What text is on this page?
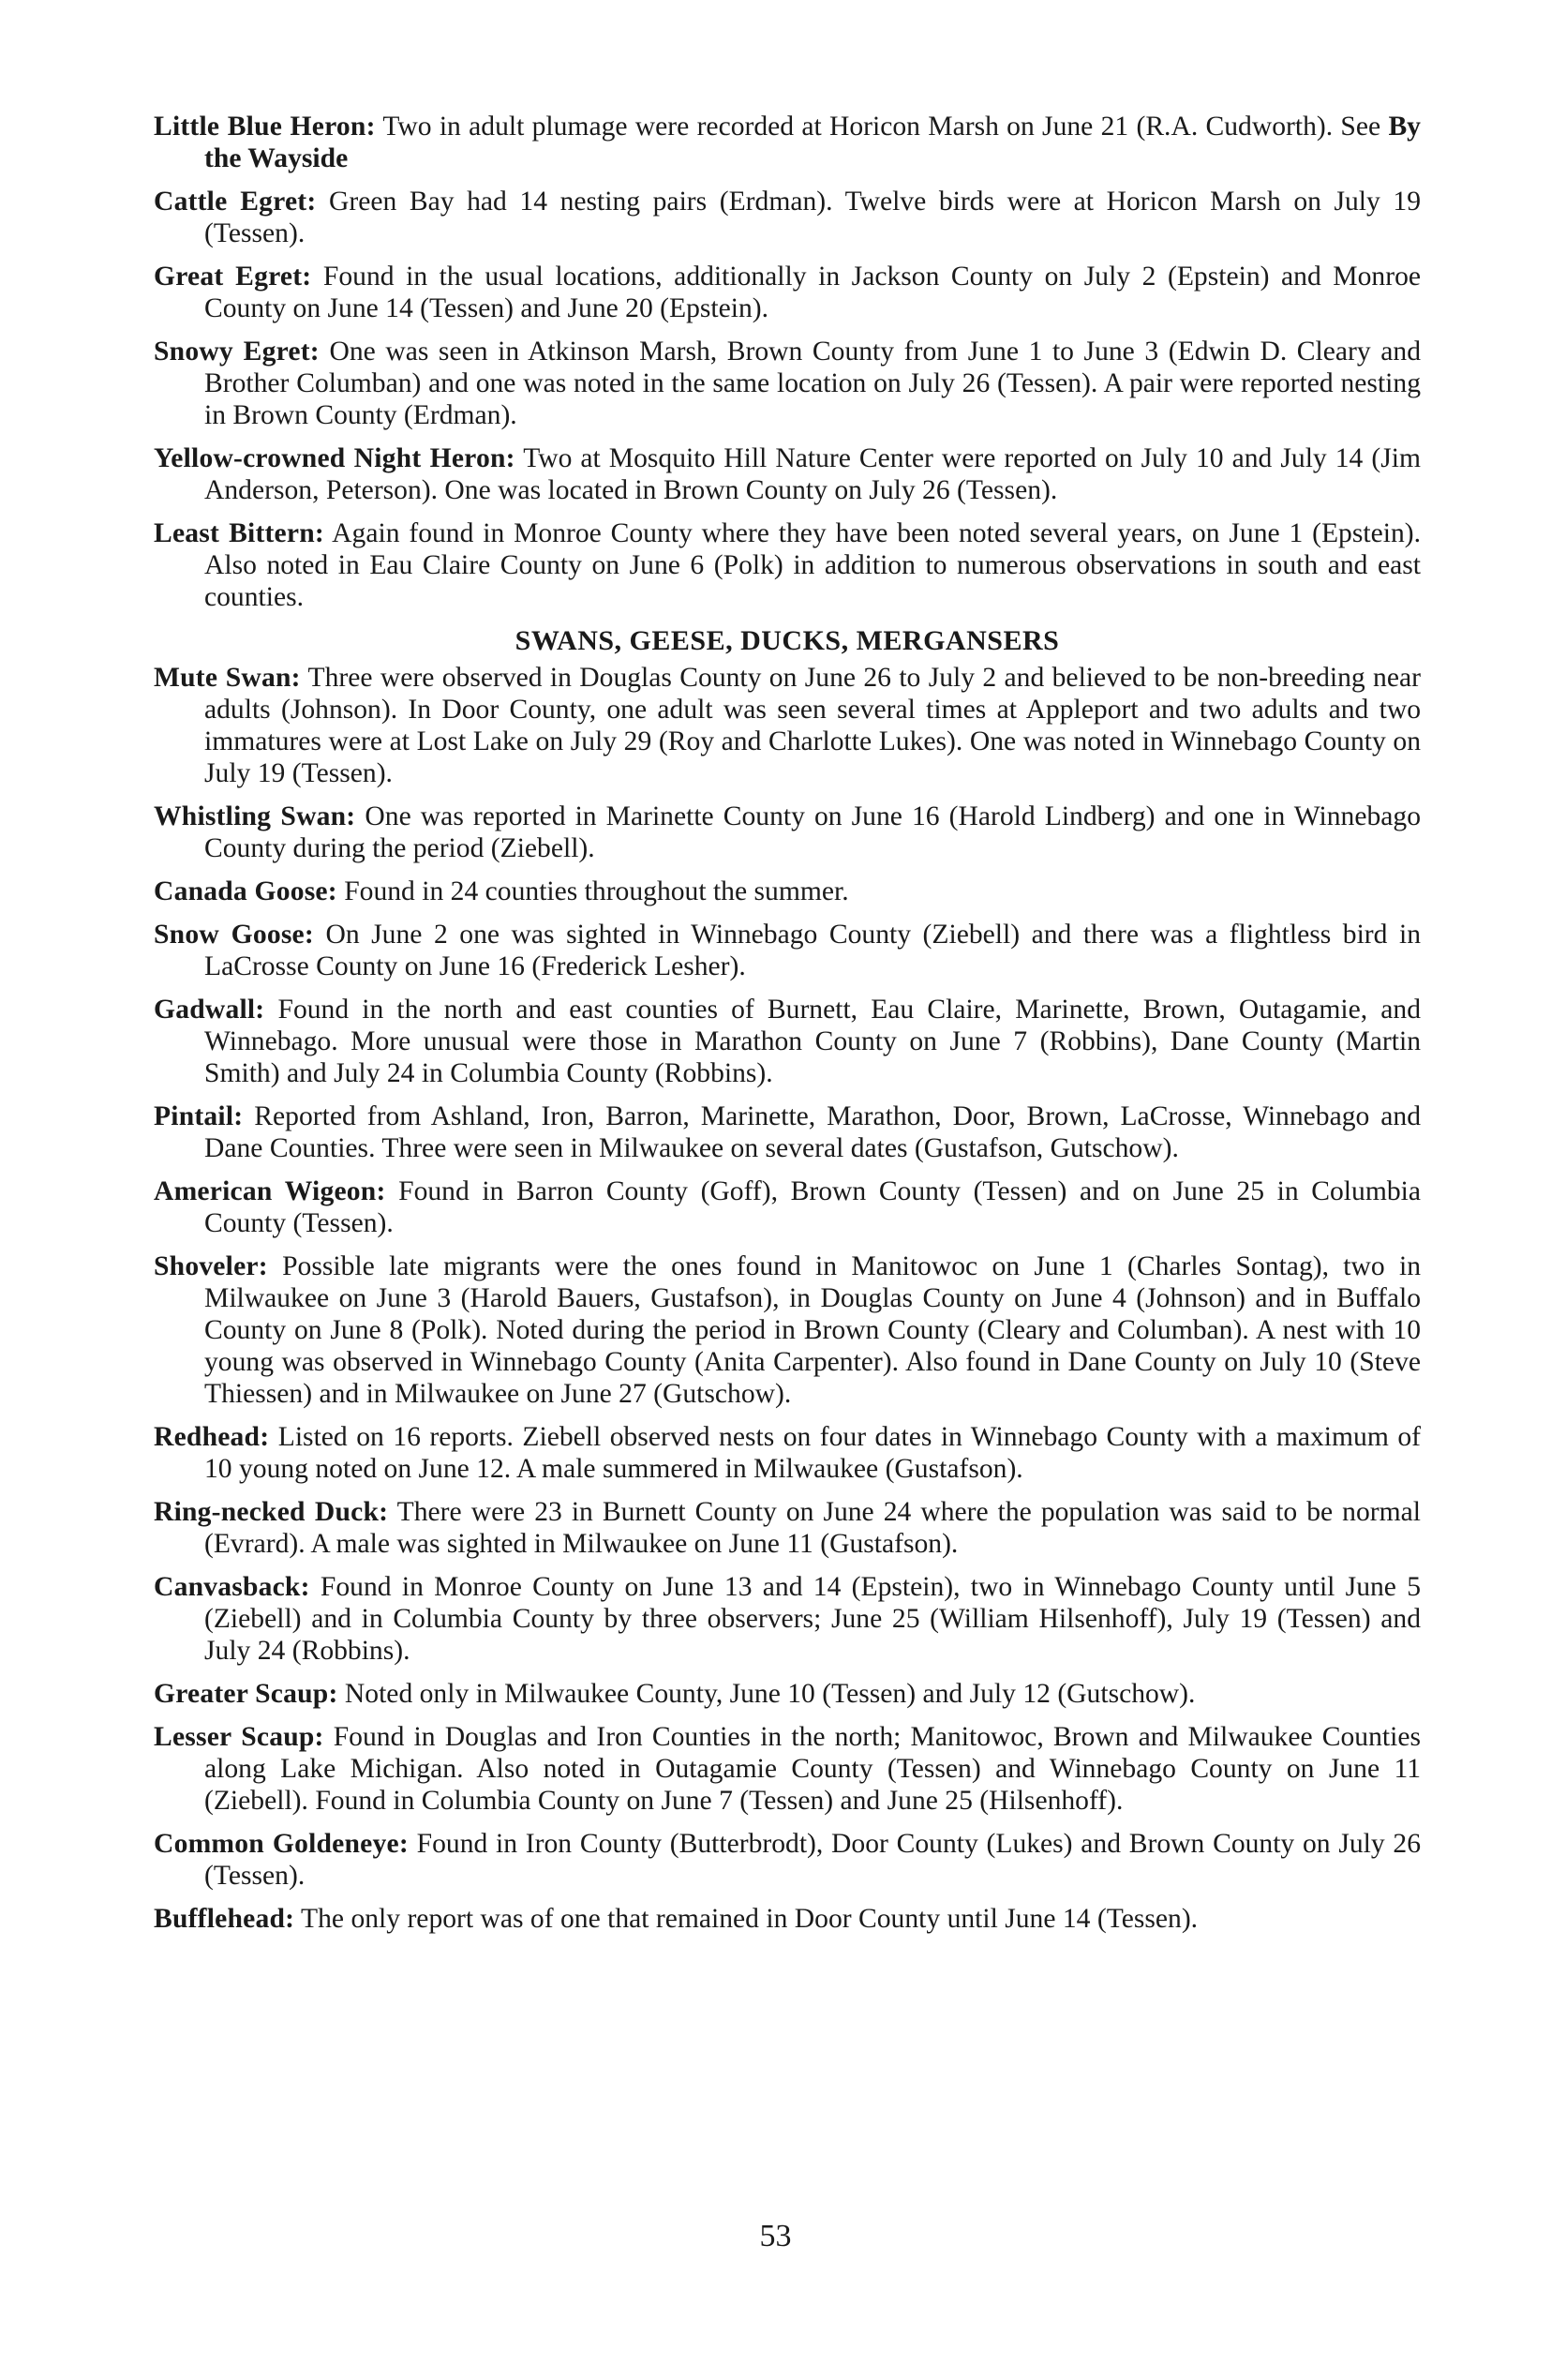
Little Blue Heron: Two in adult plumage were recorded at Horicon Marsh on June 21 (R.A. Cudworth). See By the Wayside

Cattle Egret: Green Bay had 14 nesting pairs (Erdman). Twelve birds were at Horicon Marsh on July 19 (Tessen).

Great Egret: Found in the usual locations, additionally in Jackson County on July 2 (Epstein) and Monroe County on June 14 (Tessen) and June 20 (Epstein).

Snowy Egret: One was seen in Atkinson Marsh, Brown County from June 1 to June 3 (Edwin D. Cleary and Brother Columban) and one was noted in the same location on July 26 (Tessen). A pair were reported nesting in Brown County (Erdman).

Yellow-crowned Night Heron: Two at Mosquito Hill Nature Center were reported on July 10 and July 14 (Jim Anderson, Peterson). One was located in Brown County on July 26 (Tessen).

Least Bittern: Again found in Monroe County where they have been noted several years, on June 1 (Epstein). Also noted in Eau Claire County on June 6 (Polk) in addition to numerous observations in south and east counties.

SWANS, GEESE, DUCKS, MERGANSERS

Mute Swan: Three were observed in Douglas County on June 26 to July 2 and believed to be non-breeding near adults (Johnson). In Door County, one adult was seen several times at Appleport and two adults and two immatures were at Lost Lake on July 29 (Roy and Charlotte Lukes). One was noted in Winnebago County on July 19 (Tessen).

Whistling Swan: One was reported in Marinette County on June 16 (Harold Lindberg) and one in Winnebago County during the period (Ziebell).

Canada Goose: Found in 24 counties throughout the summer.

Snow Goose: On June 2 one was sighted in Winnebago County (Ziebell) and there was a flightless bird in LaCrosse County on June 16 (Frederick Lesher).

Gadwall: Found in the north and east counties of Burnett, Eau Claire, Marinette, Brown, Outagamie, and Winnebago. More unusual were those in Marathon County on June 7 (Robbins), Dane County (Martin Smith) and July 24 in Columbia County (Robbins).

Pintail: Reported from Ashland, Iron, Barron, Marinette, Marathon, Door, Brown, LaCrosse, Winnebago and Dane Counties. Three were seen in Milwaukee on several dates (Gustafson, Gutschow).

American Wigeon: Found in Barron County (Goff), Brown County (Tessen) and on June 25 in Columbia County (Tessen).

Shoveler: Possible late migrants were the ones found in Manitowoc on June 1 (Charles Sontag), two in Milwaukee on June 3 (Harold Bauers, Gustafson), in Douglas County on June 4 (Johnson) and in Buffalo County on June 8 (Polk). Noted during the period in Brown County (Cleary and Columban). A nest with 10 young was observed in Winnebago County (Anita Carpenter). Also found in Dane County on July 10 (Steve Thiessen) and in Milwaukee on June 27 (Gutschow).

Redhead: Listed on 16 reports. Ziebell observed nests on four dates in Winnebago County with a maximum of 10 young noted on June 12. A male summered in Milwaukee (Gustafson).

Ring-necked Duck: There were 23 in Burnett County on June 24 where the population was said to be normal (Evrard). A male was sighted in Milwaukee on June 11 (Gustafson).

Canvasback: Found in Monroe County on June 13 and 14 (Epstein), two in Winnebago County until June 5 (Ziebell) and in Columbia County by three observers; June 25 (William Hilsenhoff), July 19 (Tessen) and July 24 (Robbins).

Greater Scaup: Noted only in Milwaukee County, June 10 (Tessen) and July 12 (Gutschow).

Lesser Scaup: Found in Douglas and Iron Counties in the north; Manitowoc, Brown and Milwaukee Counties along Lake Michigan. Also noted in Outagamie County (Tessen) and Winnebago County on June 11 (Ziebell). Found in Columbia County on June 7 (Tessen) and June 25 (Hilsenhoff).

Common Goldeneye: Found in Iron County (Butterbrodt), Door County (Lukes) and Brown County on July 26 (Tessen).

Bufflehead: The only report was of one that remained in Door County until June 14 (Tessen).

53
